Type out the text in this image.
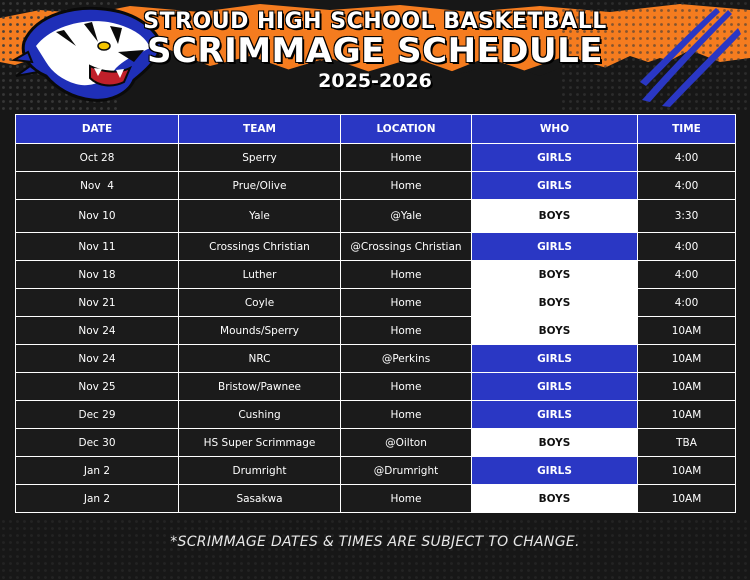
STROUD HIGH SCHOOL BASKETBALL
SCRIMMAGE SCHEDULE
2025-2026
DATE	TEAM	LOCATION	WHO	TIME
Oct 28	Sperry	Home	GIRLS	4:00
Nov  4	Prue/Olive	Home	GIRLS	4:00
Nov 10	Yale	@Yale	BOYS	3:30
Nov 11	Crossings Christian	@Crossings Christian	GIRLS	4:00
Nov 18	Luther	Home	BOYS	4:00
Nov 21	Coyle	Home	BOYS	4:00
Nov 24	Mounds/Sperry	Home	BOYS	10AM
Nov 24	NRC	@Perkins	GIRLS	10AM
Nov 25	Bristow/Pawnee	Home	GIRLS	10AM
Dec 29	Cushing	Home	GIRLS	10AM
Dec 30	HS Super Scrimmage	@Oilton	BOYS	TBA
Jan 2	Drumright	@Drumright	GIRLS	10AM
Jan 2	Sasakwa	Home	BOYS	10AM
*SCRIMMAGE DATES & TIMES ARE SUBJECT TO CHANGE.
